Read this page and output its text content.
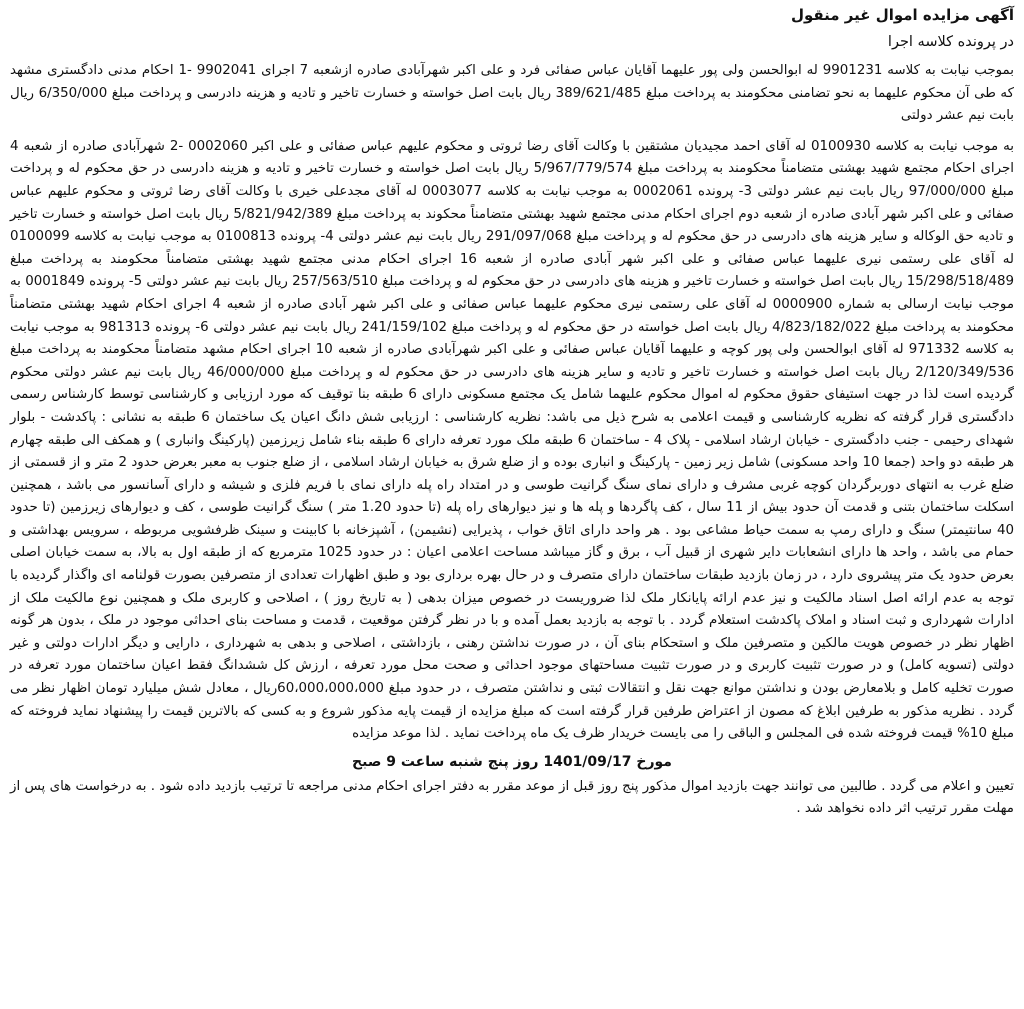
آگهی مزایده اموال غیر منقول
در پرونده کلاسه اجرا

بموجب نیابت به کلاسه 9901231 له ابوالحسن ولی پور علیهما آقایان عباس صفائی فرد و علی اکبر شهرآبادی صادره ازشعبه 7 اجرای 9902041 -1 احکام مدنی دادگستری مشهد که طی آن محکوم علیهما به نحو تضامنی محکومند به پرداخت مبلغ 389/621/485 ریال بابت اصل خواسته و خسارت تاخیر و تادیه و هزینه دادرسی و پرداخت مبلغ 6/350/000 ریال بابت نیم عشر دولتی

به موجب نیابت به کلاسه 0100930 له آقای احمد مجیدیان مشتقین با وکالت آقای رضا ثروتی و محکوم علیهم عباس صفائی و علی اکبر 0002060 -2 شهرآبادی صادره از شعبه 4 اجرای احکام مجتمع شهید بهشتی متضامناً محکومند به پرداخت مبلغ 5/967/779/574 ریال بابت اصل خواسته و خسارت تاخیر و تادیه و هزینه دادرسی در حق محکوم له و پرداخت مبلغ 97/000/000 ریال بابت نیم عشر دولتی 3- پرونده 0002061 به موجب نیابت به کلاسه 0003077 له آقای مجدعلی خیری با وکالت آقای رضا ثروتی و محکوم علیهم عباس صفائی و علی اکبر شهر آبادی صادره از شعبه دوم اجرای احکام مدنی مجتمع شهید بهشتی متضامناً محکوند به پرداخت مبلغ 5/821/942/389 ریال بابت اصل خواسته و خسارت تاخیر و تادیه حق الوکاله و سایر هزینه های دادرسی در حق محکوم له و پرداخت مبلغ 291/097/068 ریال بابت نیم عشر دولتی 4- پرونده 0100813 به موجب نیابت به کلاسه 0100099 له آقای علی رستمی نیری علیهما عباس صفائی و علی اکبر شهر آبادی صادره از شعبه 16 اجرای احکام مدنی مجتمع شهید بهشتی متضامناً محکومند به پرداخت مبلغ 15/298/518/489 ریال بابت اصل خواسته و خسارت تاخیر و هزینه های دادرسی در حق محکوم له و پرداخت مبلغ 257/563/510 ریال بابت نیم عشر دولتی 5- پرونده 0001849 به موجب نیابت ارسالی به شماره 0000900 له آقای علی رستمی نیری محکوم علیهما عباس صفائی و علی اکبر شهر آبادی صادره از شعبه 4 اجرای احکام شهید بهشتی متضامناً محکومند به پرداخت مبلغ 4/823/182/022 ریال بابت اصل خواسته در حق محکوم له و پرداخت مبلغ 241/159/102 ریال بابت نیم عشر دولتی 6- پرونده 981313 به موجب نیابت به کلاسه 971332 له آقای ابوالحسن ولی پور کوچه و علیهما آقایان عباس صفائی و علی اکبر شهرآبادی صادره از شعبه 10 اجرای احکام مشهد متضامناً محکومند به پرداخت مبلغ 2/120/349/536 ریال بابت اصل خواسته و خسارت تاخیر و تادیه و سایر هزینه های دادرسی در حق محکوم له و پرداخت مبلغ 46/000/000 ریال بابت نیم عشر دولتی محکوم گردیده است لذا در جهت استیفای حقوق محکوم له اموال محکوم علیهما شامل یک مجتمع مسکونی دارای 6 طبقه بنا توقیف که مورد ارزیابی و کارشناسی توسط کارشناس رسمی دادگستری قرار گرفته که نظریه کارشناسی و قیمت اعلامی به شرح ذیل می باشد: نظریه کارشناسی : ارزیابی شش دانگ اعیان یک ساختمان 6 طبقه به نشانی : پاکدشت - بلوار شهدای رحیمی - جنب دادگستری - خیابان ارشاد اسلامی - پلاک 4 - ساختمان 6 طبقه ملک مورد تعرفه دارای 6 طبقه بناء شامل زیرزمین (پارکینگ وانباری ) و همکف الی طبقه چهارم هر طبقه دو واحد (جمعا 10 واحد مسکونی) شامل زیر زمین - پارکینگ و انباری بوده و از ضلع شرق به خیابان ارشاد اسلامی ، از ضلع جنوب به معبر بعرض حدود 2 متر و از قسمتی از ضلع غرب به انتهای دوربرگردان کوچه غربی مشرف و دارای نمای سنگ گرانیت طوسی و در امتداد راه پله دارای نمای با فریم فلزی و شیشه و دارای آسانسور می باشد ، همچنین اسکلت ساختمان بتنی و قدمت آن حدود بیش از 11 سال ، کف پاگردها و پله ها و نیز دیوارهای راه پله (تا حدود 1.20 متر ) سنگ گرانیت طوسی ، کف و دیوارهای زیرزمین (تا حدود 40 سانتیمتر) سنگ و دارای رمپ به سمت حیاط مشاعی بود . هر واحد دارای اتاق خواب ، پذیرایی (نشیمن) ، آشپزخانه با کابینت و سینک ظرفشویی مربوطه ، سرویس بهداشتی و حمام می باشد ، واحد ها دارای انشعابات دایر شهری از قبیل آب ، برق و گاز میباشد مساحت اعلامی اعیان : در حدود 1025 مترمربع که از طبقه اول به بالا، به سمت خیابان اصلی بعرض حدود یک متر پیشروی دارد ، در زمان بازدید طبقات ساختمان دارای متصرف و در حال بهره برداری بود و طبق اظهارات تعدادی از متصرفین بصورت قولنامه ای واگذار گردیده با توجه به عدم ارائه اصل اسناد مالکیت و نیز عدم ارائه پایانکار ملک لذا ضروریست در خصوص میزان بدهی ( به تاریخ روز ) ، اصلاحی و کاربری ملک و همچنین نوع مالکیت ملک از ادارات شهرداری و ثبت اسناد و املاک پاکدشت استعلام گردد . با توجه به بازدید بعمل آمده و با در نظر گرفتن موقعیت ، قدمت و مساحت بنای احداثی موجود در ملک ، بدون هر گونه اظهار نظر در خصوص هویت مالکین و متصرفین ملک و استحکام بنای آن ، در صورت نداشتن رهنی ، بازداشتی ، اصلاحی و بدهی به شهرداری ، دارایی و دیگر ادارات دولتی و غیر دولتی (تسویه کامل) و در صورت تثبیت کاربری و در صورت تثبیت مساحتهای موجود احداثی و صحت محل مورد تعرفه ، ارزش کل ششدانگ فقط اعیان ساختمان مورد تعرفه در صورت تخلیه کامل و بلامعارض بودن و نداشتن موانع جهت نقل و انتقالات ثبتی و نداشتن متصرف ، در حدود مبلغ 60،000،000،000ریال ، معادل شش میلیارد تومان اظهار نظر می گردد . نظریه مذکور به طرفین ابلاغ که مصون از اعتراض طرفین قرار گرفته است که مبلغ مزایده از قیمت پایه مذکور شروع و به کسی که بالاترین قیمت را پیشنهاد نماید فروخته که مبلغ 10% قیمت فروخته شده فی المجلس و الباقی را می بایست خریدار ظرف یک ماه پرداخت نماید . لذا موعد مزایده

مورخ 1401/09/17 روز پنج شنبه ساعت 9 صبح

تعیین و اعلام می گردد . طالبین می توانند جهت بازدید اموال مذکور پنج روز قبل از موعد مقرر به دفتر اجرای احکام مدنی مراجعه تا ترتیب بازدید داده شود . به درخواست های پس از مهلت مقرر ترتیب اثر داده نخواهد شد .
